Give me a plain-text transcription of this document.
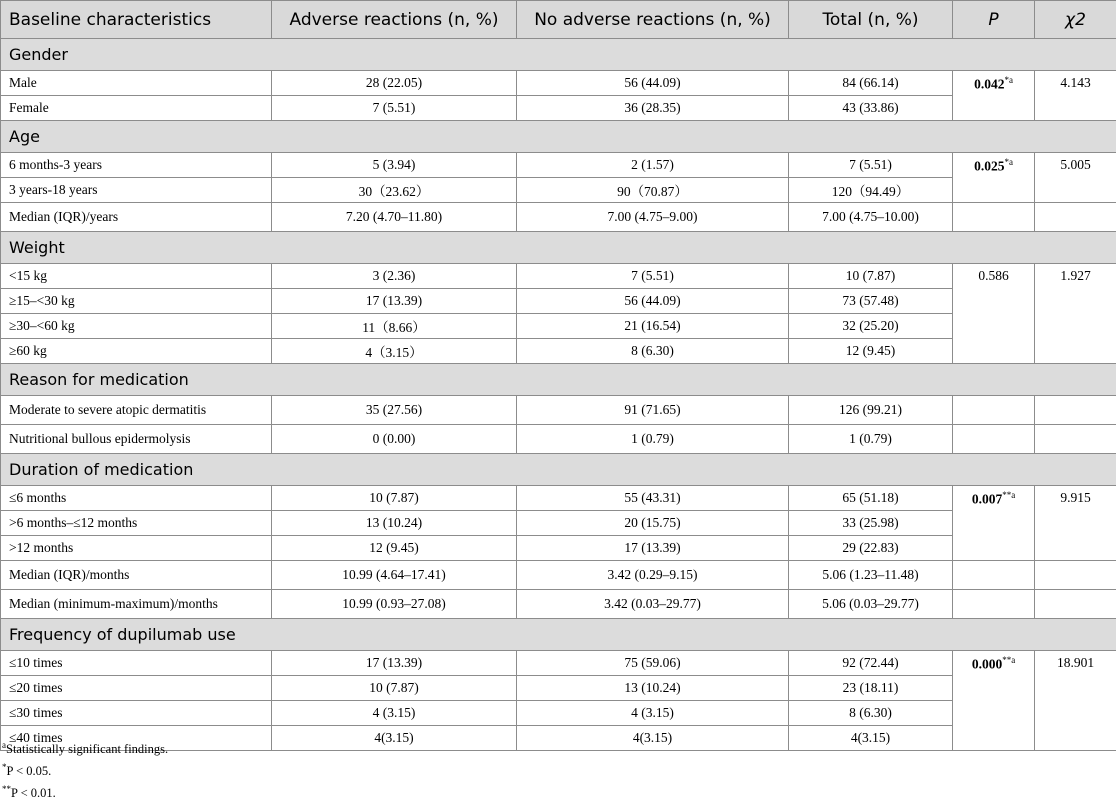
Baseline characteristics	Adverse reactions (n, %)	No adverse reactions (n, %)	Total (n, %)	P	χ2
Gender					
Male	28 (22.05)	56 (44.09)	84 (66.14)	0.042$^{*a}$	4.143
Female	7 (5.51)	36 (28.35)	43 (33.86)		
Age					
6 months-3 years	5 (3.94)	2 (1.57)	7 (5.51)	0.025$^{*a}$	5.005
3 years-18 years	30（23.62）	90（70.87）	120（94.49）		
Median (IQR)/years	7.20 (4.70–11.80)	7.00 (4.75–9.00)	7.00 (4.75–10.00)		
Weight					
<15 kg	3 (2.36)	7 (5.51)	10 (7.87)	0.586	1.927
≥15–<30 kg	17 (13.39)	56 (44.09)	73 (57.48)		
≥30–<60 kg	11（8.66）	21 (16.54)	32 (25.20)		
≥60 kg	4（3.15）	8 (6.30)	12 (9.45)		
Reason for medication					
Moderate to severe atopic dermatitis	35 (27.56)	91 (71.65)	126 (99.21)		
Nutritional bullous epidermolysis	0 (0.00)	1 (0.79)	1 (0.79)		
Duration of medication					
≤6 months	10 (7.87)	55 (43.31)	65 (51.18)	0.007$^{**a}$	9.915
>6 months–≤12 months	13 (10.24)	20 (15.75)	33 (25.98)		
>12 months	12 (9.45)	17 (13.39)	29 (22.83)		
Median (IQR)/months	10.99 (4.64–17.41)	3.42 (0.29–9.15)	5.06 (1.23–11.48)		
Median (minimum-maximum)/months	10.99 (0.93–27.08)	3.42 (0.03–29.77)	5.06 (0.03–29.77)		
Frequency of dupilumab use					
≤10 times	17 (13.39)	75 (59.06)	92 (72.44)	0.000$^{**a}$	18.901
≤20 times	10 (7.87)	13 (10.24)	23 (18.11)		
≤30 times	4 (3.15)	4 (3.15)	8 (6.30)		
≤40 times	4(3.15)	4(3.15)	4(3.15)		
$^a$Statistically significant findings.
*P < 0.05.
**P < 0.01.
